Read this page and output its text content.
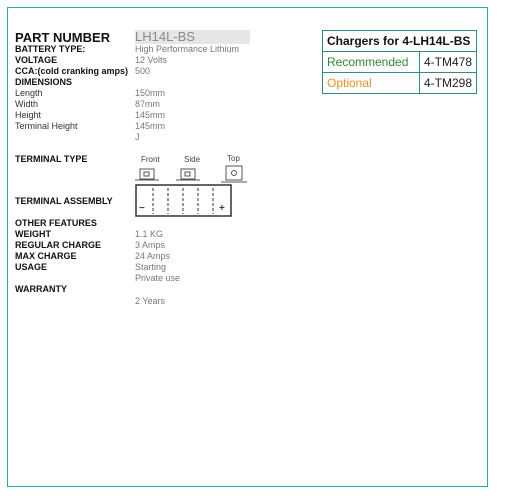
PART NUMBER LH14L-BS
BATTERY TYPE:	High Performance Lithium
VOLTAGE	12 Volts
CCA:(cold cranking amps) 500
DIMENSIONS
Length	150mm
Width	87mm
Height	145mm
Terminal Height	145mm
J
TERMINAL TYPE	Front	Side	Top
TERMINAL ASSEMBLY
−	+
OTHER FEATURES
WEIGHT	1.1 KG
REGULAR CHARGE	3 Amps
MAX CHARGE	24 Amps
USAGE	Starting
Private use
WARRANTY
2 Years
Chargers for 4-LH14L-BS	
Recommended	4-TM478
Optional	4-TM298
